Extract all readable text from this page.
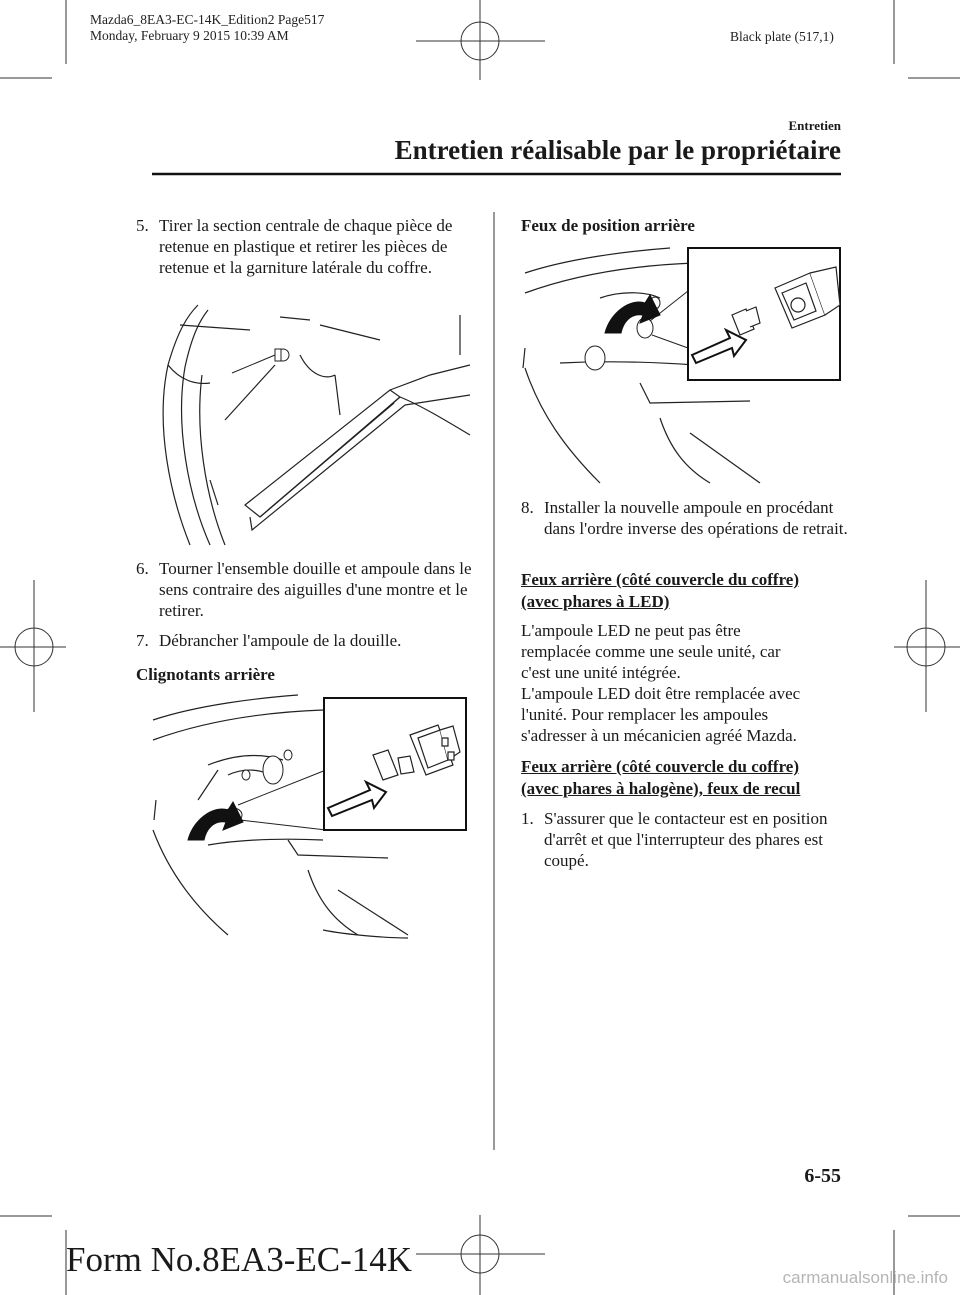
Mazda6_8EA3-EC-14K_Edition2 Page517
Monday, February 9 2015 10:39 AM	Black plate (517,1)
Entretien
Entretien réalisable par le propriétaire
5. Tirer la section centrale de chaque pièce de retenue en plastique et retirer les pièces de retenue et la garniture latérale du coffre.
6. Tourner l'ensemble douille et ampoule dans le sens contraire des aiguilles d'une montre et le retirer.
7. Débrancher l'ampoule de la douille.
Clignotants arrière
Feux de position arrière
8. Installer la nouvelle ampoule en procédant dans l'ordre inverse des opérations de retrait.
Feux arrière (côté couvercle du coffre)
(avec phares à LED)
L'ampoule LED ne peut pas être
remplacée comme une seule unité, car
c'est une unité intégrée.
L'ampoule LED doit être remplacée avec
l'unité. Pour remplacer les ampoules
s'adresser à un mécanicien agréé Mazda.
Feux arrière (côté couvercle du coffre)
(avec phares à halogène), feux de recul
1. S'assurer que le contacteur est en position d'arrêt et que l'interrupteur des phares est coupé.
6-55
Form No.8EA3-EC-14K	carmanualsonline.info
